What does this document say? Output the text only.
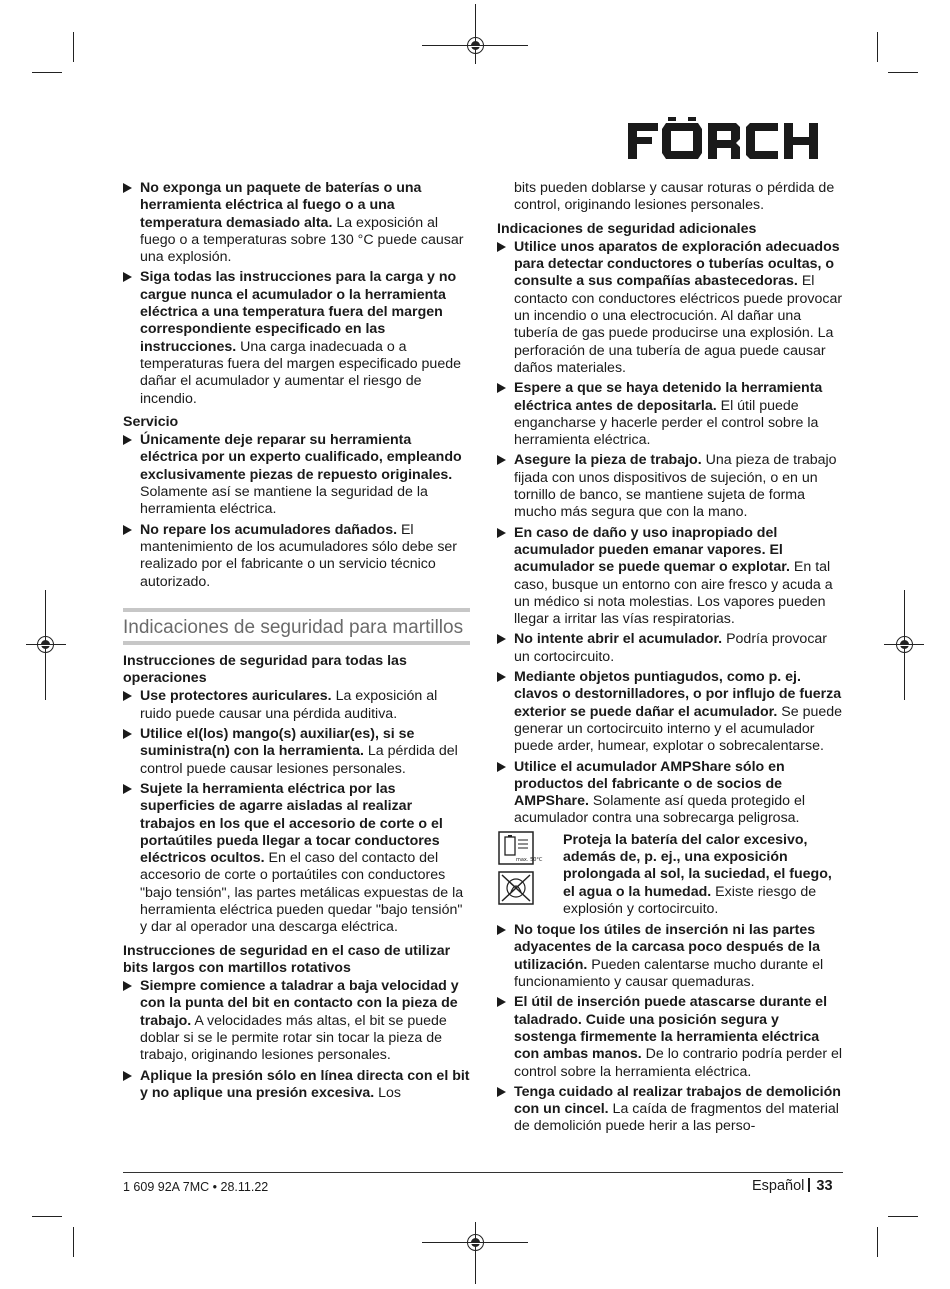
No exponga un paquete de baterías o una herramienta eléctrica al fuego o a una temperatura demasiado alta. La exposición al fuego o a temperaturas sobre 130 °C puede causar una explosión.
Siga todas las instrucciones para la carga y no cargue nunca el acumulador o la herramienta eléctrica a una temperatura fuera del margen correspondiente especificado en las instrucciones. Una carga inadecuada o a temperaturas fuera del margen especificado puede dañar el acumulador y aumentar el riesgo de incendio.
Servicio
Únicamente deje reparar su herramienta eléctrica por un experto cualificado, empleando exclusivamente piezas de repuesto originales. Solamente así se mantiene la seguridad de la herramienta eléctrica.
No repare los acumuladores dañados. El mantenimiento de los acumuladores sólo debe ser realizado por el fabricante o un servicio técnico autorizado.
Indicaciones de seguridad para martillos
Instrucciones de seguridad para todas las operaciones
Use protectores auriculares. La exposición al ruido puede causar una pérdida auditiva.
Utilice el(los) mango(s) auxiliar(es), si se suministra(n) con la herramienta. La pérdida del control puede causar lesiones personales.
Sujete la herramienta eléctrica por las superficies de agarre aisladas al realizar trabajos en los que el accesorio de corte o el portaútiles pueda llegar a tocar conductores eléctricos ocultos. En el caso del contacto del accesorio de corte o portaútiles con conductores "bajo tensión", las partes metálicas expuestas de la herramienta eléctrica pueden quedar "bajo tensión" y dar al operador una descarga eléctrica.
Instrucciones de seguridad en el caso de utilizar bits largos con martillos rotativos
Siempre comience a taladrar a baja velocidad y con la punta del bit en contacto con la pieza de trabajo. A velocidades más altas, el bit se puede doblar si se le permite rotar sin tocar la pieza de trabajo, originando lesiones personales.
Aplique la presión sólo en línea directa con el bit y no aplique una presión excesiva. Los
bits pueden doblarse y causar roturas o pérdida de control, originando lesiones personales.
Indicaciones de seguridad adicionales
Utilice unos aparatos de exploración adecuados para detectar conductores o tuberías ocultas, o consulte a sus compañías abastecedoras. El contacto con conductores eléctricos puede provocar un incendio o una electrocución. Al dañar una tubería de gas puede producirse una explosión. La perforación de una tubería de agua puede causar daños materiales.
Espere a que se haya detenido la herramienta eléctrica antes de depositarla. El útil puede engancharse y hacerle perder el control sobre la herramienta eléctrica.
Asegure la pieza de trabajo. Una pieza de trabajo fijada con unos dispositivos de sujeción, o en un tornillo de banco, se mantiene sujeta de forma mucho más segura que con la mano.
En caso de daño y uso inapropiado del acumulador pueden emanar vapores. El acumulador se puede quemar o explotar. En tal caso, busque un entorno con aire fresco y acuda a un médico si nota molestias. Los vapores pueden llegar a irritar las vías respiratorias.
No intente abrir el acumulador. Podría provocar un cortocircuito.
Mediante objetos puntiagudos, como p. ej. clavos o destornilladores, o por influjo de fuerza exterior se puede dañar el acumulador. Se puede generar un cortocircuito interno y el acumulador puede arder, humear, explotar o sobrecalentarse.
Utilice el acumulador AMPShare sólo en productos del fabricante o de socios de AMPShare. Solamente así queda protegido el acumulador contra una sobrecarga peligrosa.
max. 50°C
Proteja la batería del calor excesivo, además de, p. ej., una exposición prolongada al sol, la suciedad, el fuego, el agua o la humedad. Existe riesgo de explosión y cortocircuito.
No toque los útiles de inserción ni las partes adyacentes de la carcasa poco después de la utilización. Pueden calentarse mucho durante el funcionamiento y causar quemaduras.
El útil de inserción puede atascarse durante el taladrado. Cuide una posición segura y sostenga firmemente la herramienta eléctrica con ambas manos. De lo contrario podría perder el control sobre la herramienta eléctrica.
Tenga cuidado al realizar trabajos de demolición con un cincel. La caída de fragmentos del material de demolición puede herir a las perso-
1 609 92A 7MC • 28.11.22	Español 33
